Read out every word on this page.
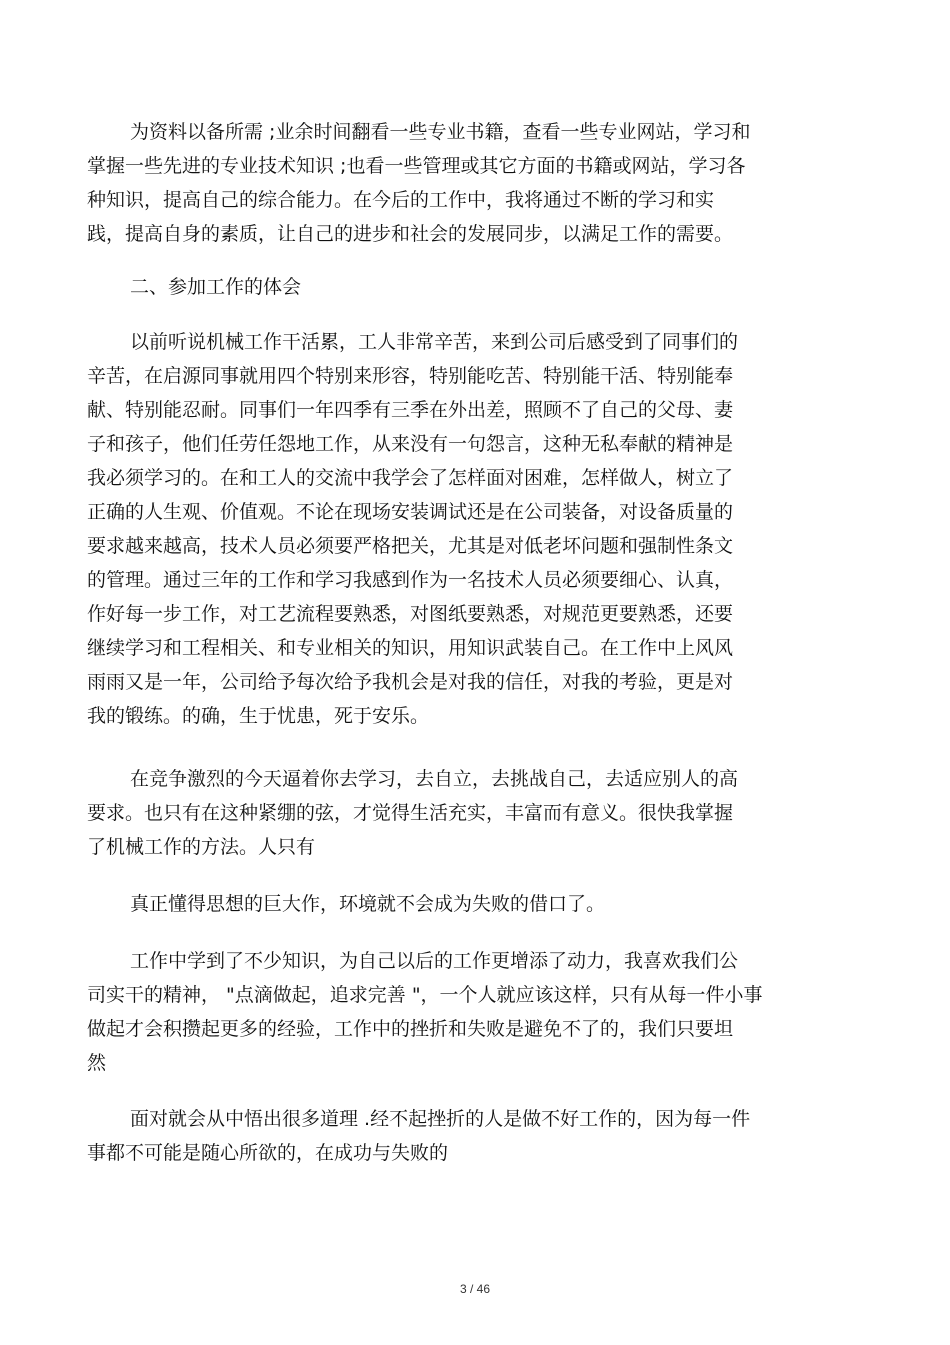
为资料以备所需 ;业余时间翻看一些专业书籍，查看一些专业网站，学习和
掌握一些先进的专业技术知识 ;也看一些管理或其它方面的书籍或网站，学习各
种知识，提高自己的综合能力。在今后的工作中，我将通过不断的学习和实
践，提高自身的素质，让自己的进步和社会的发展同步，以满足工作的需要。
二、参加工作的体会
以前听说机械工作干活累，工人非常辛苦，来到公司后感受到了同事们的
辛苦，在启源同事就用四个特别来形容，特别能吃苦、特别能干活、特别能奉
献、特别能忍耐。同事们一年四季有三季在外出差，照顾不了自己的父母、妻
子和孩子，他们任劳任怨地工作，从来没有一句怨言，这种无私奉献的精神是
我必须学习的。在和工人的交流中我学会了怎样面对困难，怎样做人，树立了
正确的人生观、价值观。不论在现场安装调试还是在公司装备，对设备质量的
要求越来越高，技术人员必须要严格把关，尤其是对低老坏问题和强制性条文
的管理。通过三年的工作和学习我感到作为一名技术人员必须要细心、认真，
作好每一步工作，对工艺流程要熟悉，对图纸要熟悉，对规范更要熟悉，还要
继续学习和工程相关、和专业相关的知识，用知识武装自己。在工作中上风风
雨雨又是一年，公司给予每次给予我机会是对我的信任，对我的考验，更是对
我的锻练。的确，生于忧患，死于安乐。
在竞争激烈的今天逼着你去学习，去自立，去挑战自己，去适应别人的高
要求。也只有在这种紧绷的弦，才觉得生活充实，丰富而有意义。很快我掌握
了机械工作的方法。人只有
真正懂得思想的巨大作，环境就不会成为失败的借口了。
工作中学到了不少知识，为自己以后的工作更增添了动力，我喜欢我们公
司实干的精神， "点滴做起，追求完善 "，一个人就应该这样，只有从每一件小事
做起才会积攒起更多的经验，工作中的挫折和失败是避免不了的，我们只要坦
然
面对就会从中悟出很多道理 .经不起挫折的人是做不好工作的，因为每一件
事都不可能是随心所欲的，在成功与失败的
3 / 46
